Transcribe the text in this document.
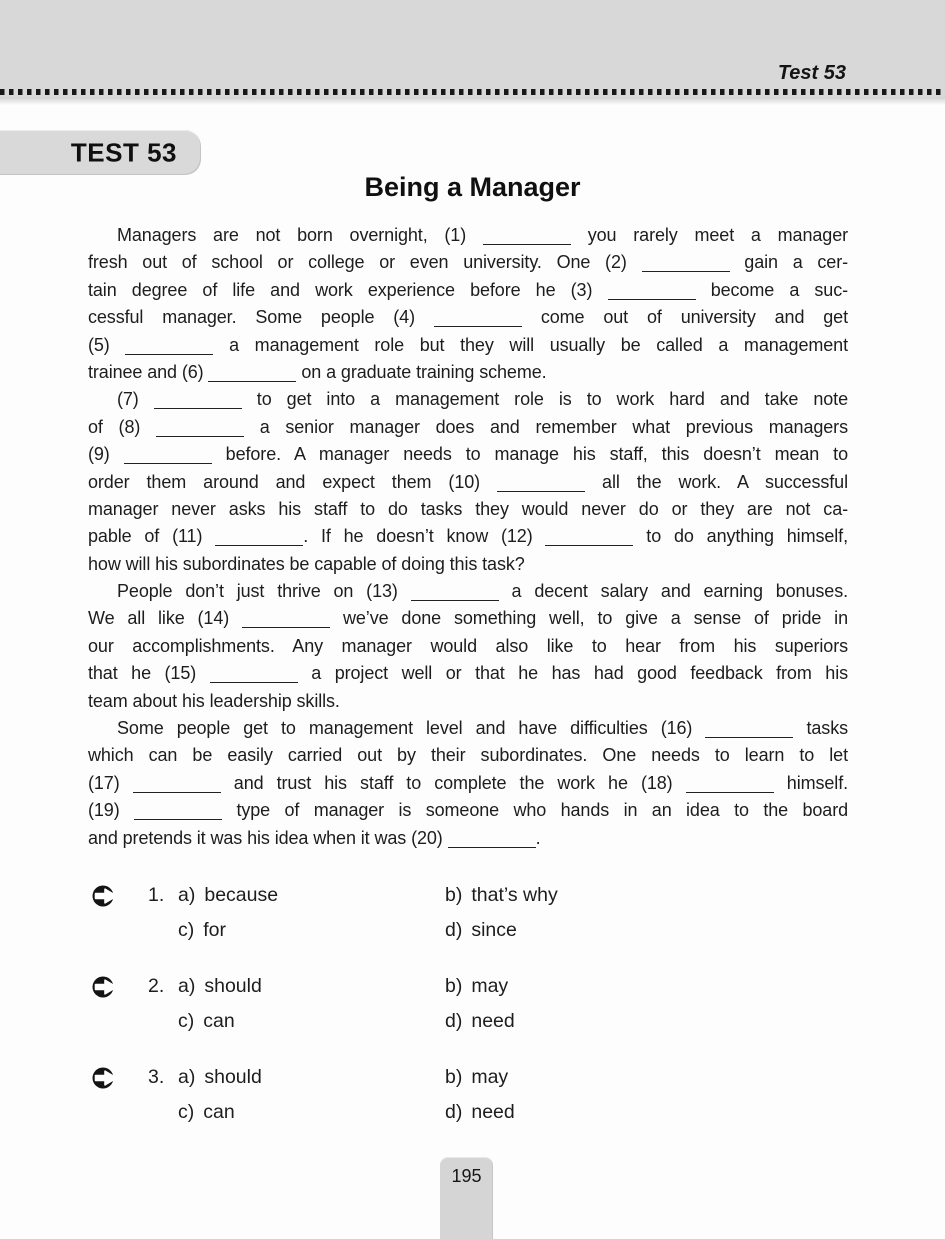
Test 53
TEST 53
Being a Manager
Managers are not born overnight, (1)	you rarely meet a manager
fresh out of school or college or even university. One (2)	gain a cer-
tain degree of life and work experience before he (3)	become a suc-
cessful manager. Some people (4)	come out of university and get
(5)	a management role but they will usually be called a management
trainee and (6)	on a graduate training scheme.
(7)	to get into a management role is to work hard and take note
of (8)	a senior manager does and remember what previous managers
(9)	before. A manager needs to manage his staff, this doesn’t mean to
order them around and expect them (10)	all the work. A successful
manager never asks his staff to do tasks they would never do or they are not ca-
pable of (11)	. If he doesn’t know (12)	to do anything himself,
how will his subordinates be capable of doing this task?
People don’t just thrive on (13)	a decent salary and earning bonuses.
We all like (14)	we’ve done something well, to give a sense of pride in
our accomplishments. Any manager would also like to hear from his superiors
that he (15)	a project well or that he has had good feedback from his
team about his leadership skills.
Some people get to management level and have difficulties (16)	tasks
which can be easily carried out by their subordinates. One needs to learn to let
(17)	and trust his staff to complete the work he (18)	himself.
(19)	type of manager is someone who hands in an idea to the board
and pretends it was his idea when it was (20)	.
1. a) because	b) that’s why
c) for	d) since
2. a) should	b) may
c) can	d) need
3. a) should	b) may
c) can	d) need
195
